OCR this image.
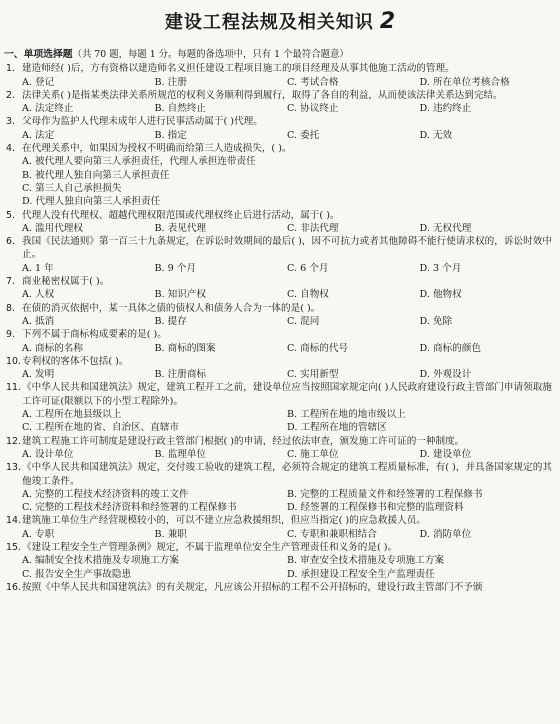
建设工程法规及相关知识 2
一、单项选择题（共 70 题，每题 1 分。每题的备选项中，只有 1 个最符合题意）
1. 建造师经( )后，方有资格以建造师名义担任建设工程项目施工的项目经理及从事其他施工活动的管理。
A. 登记	B. 注册	C. 考试合格	D. 所在单位考核合格
2. 法律关系( )是指某类法律关系所规范的权利义务顺利得到履行，取得了各自的利益，从而使该法律关系达到完结。
A. 法定终止	B. 自然终止	C. 协议终止	D. 违约终止
3. 父母作为监护人代理未成年人进行民事活动属于( )代理。
A. 法定	B. 指定	C. 委托	D. 无效
4. 在代理关系中，如果因为授权不明确而给第三人造成损失，( )。
A. 被代理人要向第三人承担责任，代理人承担连带责任
B. 被代理人独自向第三人承担责任
C. 第三人自己承担损失
D. 代理人独自向第三人承担责任
5. 代理人没有代理权、超越代理权限范围或代理权终止后进行活动，属于( )。
A. 滥用代理权	B. 表见代理	C. 非法代理	D. 无权代理
6. 我国《民法通则》第一百三十九条规定，在诉讼时效期间的最后( )，因不可抗力或者其他障碍不能行使请求权的，诉讼时效中止。
A. 1 年	B. 9 个月	C. 6 个月	D. 3 个月
7. 商业秘密权属于( )。
A. 人权	B. 知识产权	C. 自物权	D. 他物权
8. 在债的消灭依据中，某一具体之债的债权人和债务人合为一体的是( )。
A. 抵消	B. 提存	C. 混同	D. 免除
9. 下列不属于商标构成要素的是( )。
A. 商标的名称	B. 商标的图案	C. 商标的代号	D. 商标的颜色
10. 专利权的客体不包括( )。
A. 发明	B. 注册商标	C. 实用新型	D. 外观设计
11. 《中华人民共和国建筑法》规定，建筑工程开工之前，建设单位应当按照国家规定向( )人民政府建设行政主管部门申请领取施工许可证(限额以下的小型工程除外)。
A. 工程所在地县级以上	B. 工程所在地的地市级以上
C. 工程所在地的省、自治区、直辖市	D. 工程所在地的管辖区
12. 建筑工程施工许可制度是建设行政主管部门根据( )的申请，经过依法审查，颁发施工许可证的一种制度。
A. 设计单位	B. 监理单位	C. 施工单位	D. 建设单位
13. 《中华人民共和国建筑法》规定，交付竣工验收的建筑工程，必须符合规定的建筑工程质量标准，有( )，并具备国家规定的其他竣工条件。
A. 完整的工程技术经济资料的竣工文件	B. 完整的工程质量文件和经签署的工程保修书
C. 完整的工程技术经济资料和经签署的工程保修书	D. 经签署的工程保修书和完整的监理资料
14. 建筑施工单位生产经营规模较小的，可以不建立应急救援组织，但应当指定( )的应急救援人员。
A. 专职	B. 兼职	C. 专职和兼职相结合	D. 消防单位
15. 《建设工程安全生产管理条例》规定，不属于监理单位安全生产管理责任和义务的是( )。
A. 编制安全技术措施及专项施工方案	B. 审查安全技术措施及专项施工方案
C. 报告安全生产事故隐患	D. 承担建设工程安全生产监理责任
16. 按照《中华人民共和国建筑法》的有关规定，凡应该公开招标的工程不公开招标的，建设行政主管部门不予颁
